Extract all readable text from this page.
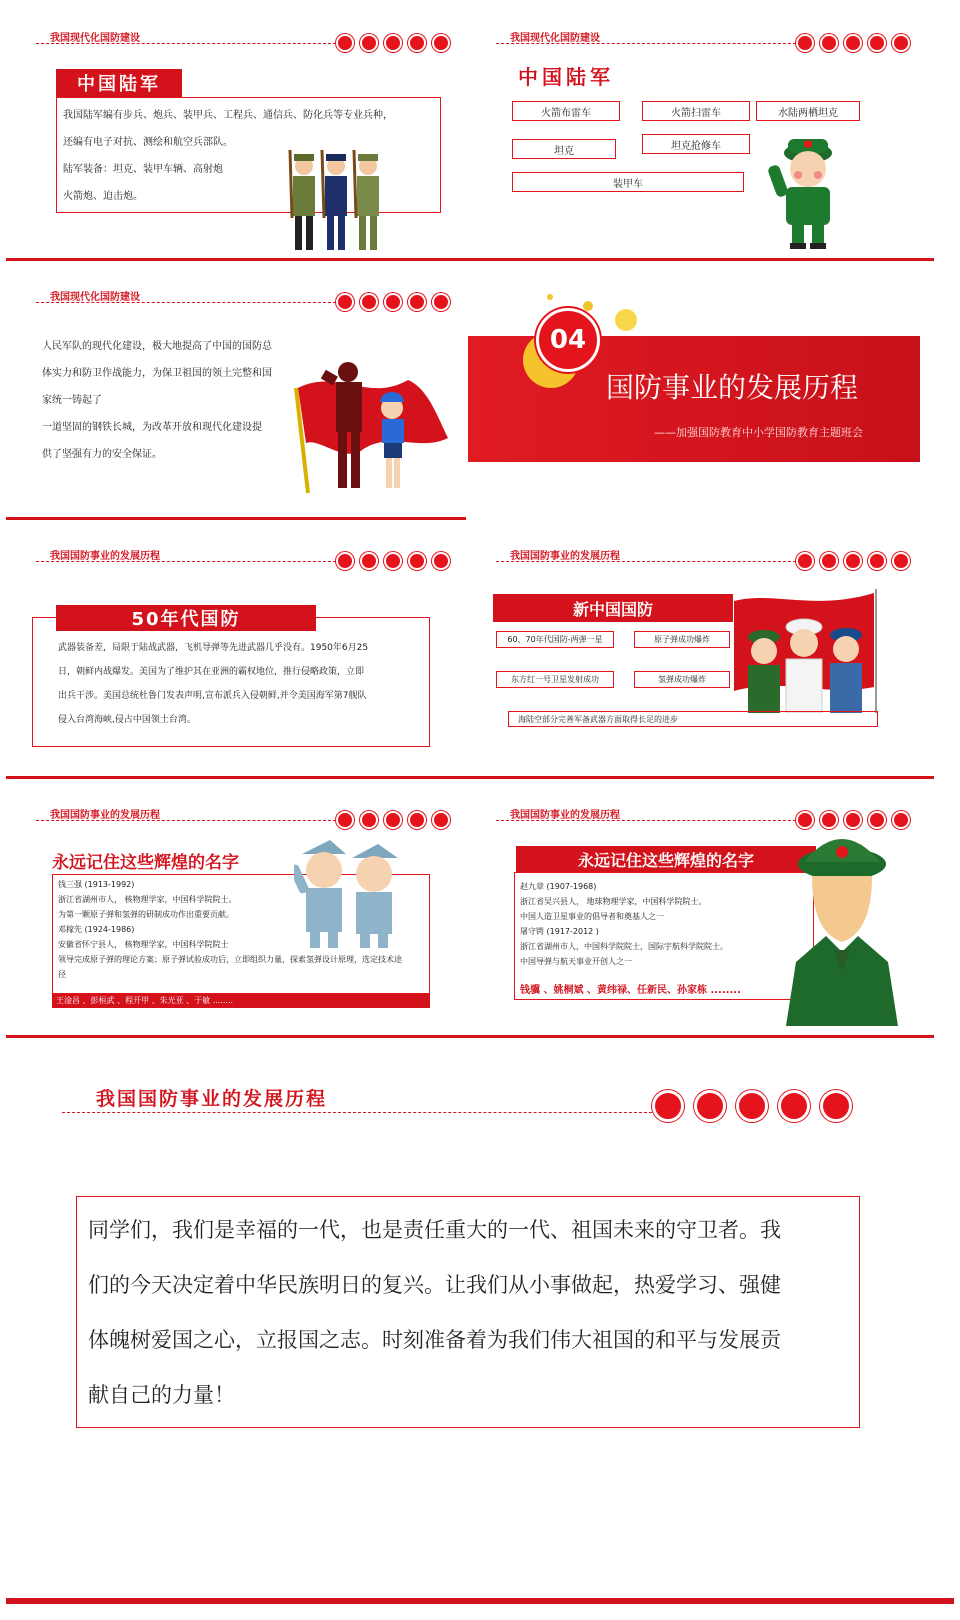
我国现代化国防建设
中国陆军
我国陆军编有步兵、炮兵、装甲兵、工程兵、通信兵、防化兵等专业兵种，
还编有电子对抗、测绘和航空兵部队。
陆军装备：坦克、装甲车辆、高射炮
火箭炮、迫击炮。
我国现代化国防建设
中国陆军
火箭布雷车	火箭扫雷车	水陆两栖坦克
坦克	坦克抢修车
装甲车
我国现代化国防建设
人民军队的现代化建设，极大地提高了中国的国防总
体实力和防卫作战能力，为保卫祖国的领土完整和国
家统一铸起了
一道坚固的钢铁长城，为改革开放和现代化建设提
供了坚强有力的安全保证。
04
国防事业的发展历程
——加强国防教育中小学国防教育主题班会
我国国防事业的发展历程
50年代国防
武器装备差，局限于陆战武器，飞机导弹等先进武器几乎没有。1950年6月25
日，朝鲜内战爆发。美国为了维护其在亚洲的霸权地位，推行侵略政策，立即
出兵干涉。美国总统杜鲁门发表声明,宣布派兵入侵朝鲜,并令美国海军第7舰队
侵入台湾海峡,侵占中国领土台湾。
我国国防事业的发展历程
新中国国防
60、70年代国防-两弹一星	原子弹成功爆炸
东方红一号卫星发射成功	氢弹成功爆炸
海陆空部分完善军备武器方面取得长足的进步
我国国防事业的发展历程
永远记住这些辉煌的名字
钱三强 (1913-1992)
浙江省湖州市人， 核物理学家，中国科学院院士。
为第一颗原子弹和氢弹的研制成功作出重要贡献。
邓稼先 (1924-1986)
安徽省怀宁县人， 核物理学家，中国科学院院士
领导完成原子弹的理论方案；原子弹试验成功后，立即组织力量，探索氢弹设计原理，选定技术途
径
王淦昌 、彭桓武 、程开甲 、朱光亚 、于敏 ........
我国国防事业的发展历程
永远记住这些辉煌的名字
赵九章 (1907-1968)
浙江省吴兴县人， 地球物理学家，中国科学院院士。
中国人造卫星事业的倡导者和奠基人之一
屠守锷 (1917-2012 )
浙江省湖州市人，中国科学院院士，国际宇航科学院院士。
中国导弹与航天事业开创人之一
钱骥 、姚桐斌 、黄纬禄、任新民、孙家栋 ........
我国国防事业的发展历程
同学们，我们是幸福的一代，也是责任重大的一代、祖国未来的守卫者。我
们的今天决定着中华民族明日的复兴。让我们从小事做起，热爱学习、强健
体魄树爱国之心，立报国之志。时刻准备着为我们伟大祖国的和平与发展贡
献自己的力量！
